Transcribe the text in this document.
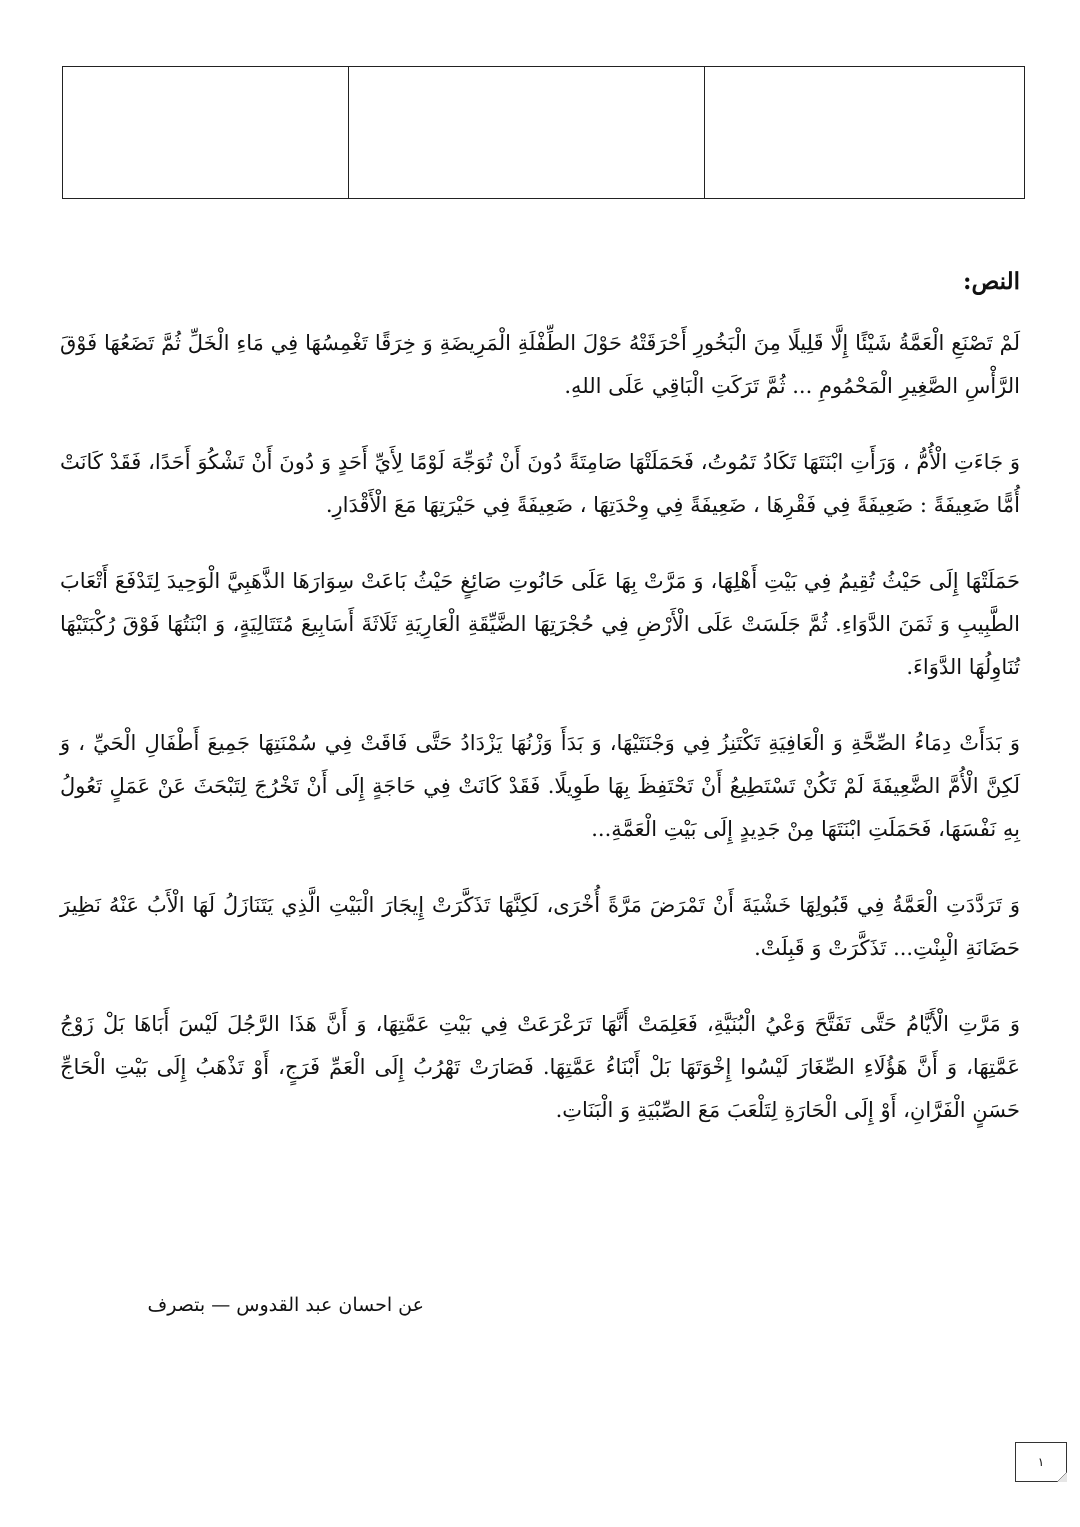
النص:

لَمْ تَصْنَعِ الْعَمَّةُ شَيْئًا إِلَّا قَلِيلًا مِنَ الْبَخُورِ أَحْرَقَتْهُ حَوْلَ الطِّفْلَةِ الْمَرِيضَةِ وَ خِرَقًا تَغْمِسُهَا فِي مَاءِ الْخَلِّ ثُمَّ تَضَعُهَا فَوْقَ الرَّأْسِ الصَّغِيرِ الْمَحْمُومِ ... ثُمَّ تَرَكَتِ الْبَاقِي عَلَى اللهِ.

وَ جَاءَتِ الْأُمُّ ، وَرَأَتِ ابْنَتَهَا تَكَادُ تَمُوتُ، فَحَمَلَتْهَا صَامِتَةً دُونَ أَنْ تُوَجِّهَ لَوْمًا لِأَيِّ أَحَدٍ وَ دُونَ أَنْ تَشْكُوَ أَحَدًا، فَقَدْ كَانَتْ أُمًّا ضَعِيفَةً : ضَعِيفَةً فِي فَقْرِهَا ، ضَعِيفَةً فِي وِحْدَتِهَا ، ضَعِيفَةً فِي حَيْرَتِهَا مَعَ الْأَقْدَارِ.

حَمَلَتْهَا إِلَى حَيْثُ تُقِيمُ فِي بَيْتِ أَهْلِهَا، وَ مَرَّتْ بِهَا عَلَى حَانُوتِ صَائِغٍ حَيْثُ بَاعَتْ سِوَارَهَا الذَّهَبِيَّ الْوَحِيدَ لِتَدْفَعَ أَتْعَابَ الطَّبِيبِ وَ ثَمَنَ الدَّوَاءِ. ثُمَّ جَلَسَتْ عَلَى الْأَرْضِ فِي حُجْرَتِهَا الضَّيِّقَةِ الْعَارِيَةِ ثَلَاثَةَ أَسَابِيعَ مُتَتَالِيَةٍ، وَ ابْنَتُهَا فَوْقَ رُكْبَتَيْهَا تُنَاوِلُهَا الدَّوَاءَ.

وَ بَدَأَتْ دِمَاءُ الصِّحَّةِ وَ الْعَافِيَةِ تَكْتَنِزُ فِي وَجْنَتَيْهَا، وَ بَدَأَ وَزْنُهَا يَزْدَادُ حَتَّى فَاقَتْ فِي سُمْنَتِهَا جَمِيعَ أَطْفَالِ الْحَيِّ ، وَ لَكِنَّ الْأُمَّ الضَّعِيفَةَ لَمْ تَكُنْ تَسْتَطِيعُ أَنْ تَحْتَفِظَ بِهَا طَوِيلًا. فَقَدْ كَانَتْ فِي حَاجَةٍ إِلَى أَنْ تَخْرُجَ لِتَبْحَثَ عَنْ عَمَلٍ تَعُولُ بِهِ نَفْسَهَا، فَحَمَلَتِ ابْنَتَهَا مِنْ جَدِيدٍ إِلَى بَيْتِ الْعَمَّةِ...

وَ تَرَدَّدَتِ الْعَمَّةُ فِي قَبُولِهَا خَشْيَةَ أَنْ تَمْرَضَ مَرَّةً أُخْرَى، لَكِنَّهَا تَذَكَّرَتْ إِيجَارَ الْبَيْتِ الَّذِي يَتَنَازَلُ لَهَا الْأَبُ عَنْهُ نَظِيرَ حَضَانَةِ الْبِنْتِ... تَذَكَّرَتْ وَ قَبِلَتْ.

وَ مَرَّتِ الْأَيَّامُ حَتَّى تَفَتَّحَ وَعْيُ الْبُنَيَّةِ، فَعَلِمَتْ أَنَّهَا تَرَعْرَعَتْ فِي بَيْتِ عَمَّتِهَا، وَ أَنَّ هَذَا الرَّجُلَ لَيْسَ أَبَاهَا بَلْ زَوْجُ عَمَّتِهَا، وَ أَنَّ هَؤُلَاءِ الصِّغَارَ لَيْسُوا إِخْوَتَهَا بَلْ أَبْنَاءُ عَمَّتِهَا. فَصَارَتْ تَهْرُبُ إِلَى الْعَمِّ فَرَجٍ، أَوْ تَذْهَبُ إِلَى بَيْتِ الْحَاجِّ حَسَنٍ الْفَرَّانِ، أَوْ إِلَى الْحَارَةِ لِتَلْعَبَ مَعَ الصِّبْيَةِ وَ الْبَنَاتِ.

عن احسان عبد القدوس — بتصرف
١
